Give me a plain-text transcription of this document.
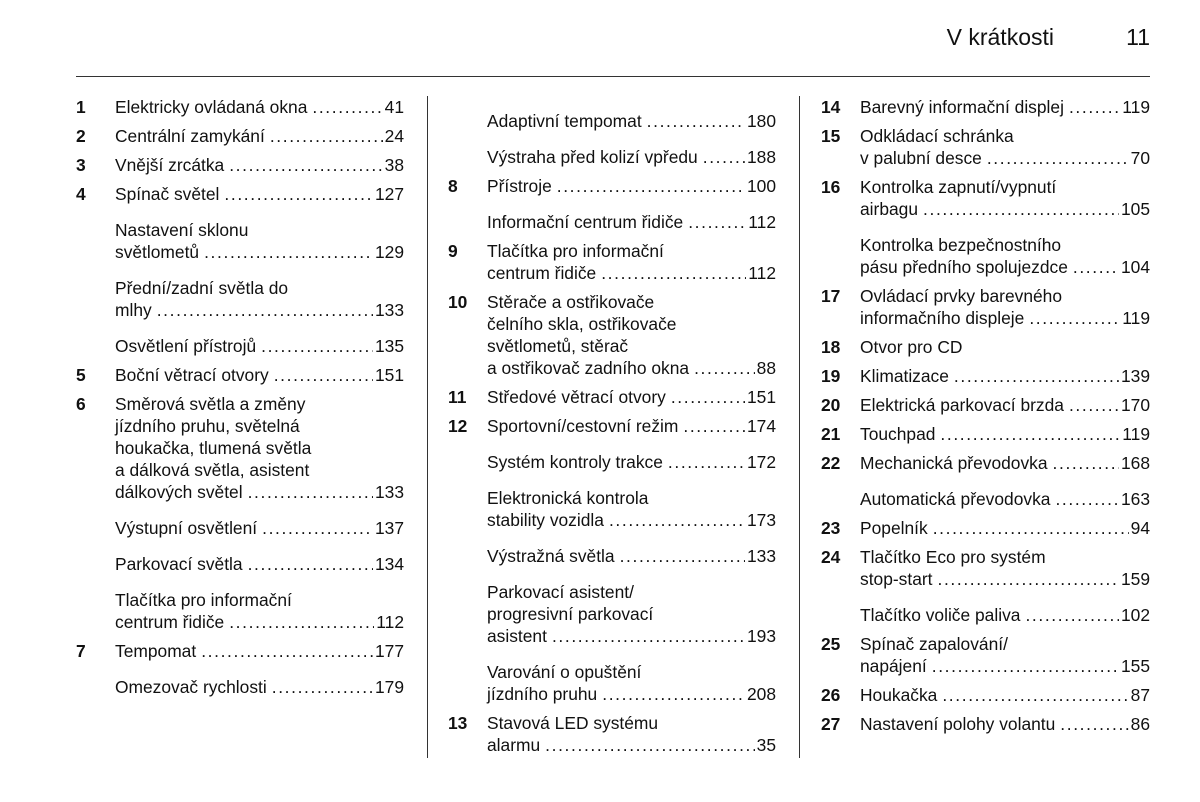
V krátkosti	11
1	Elektricky ovládaná okna . . .	41
2	Centrální zamykání . . .	24
3	Vnější zrcátka . . .	38
4	Spínač světel . . .	127
Nastavení sklonu
světlometů . . .	129
Přední/zadní světla do
mlhy . . .	133
Osvětlení přístrojů . . .	135
5	Boční větrací otvory . . .	151
6	Směrová světla a změny
jízdního pruhu, světelná
houkačka, tlumená světla
a dálková světla, asistent
dálkových světel . . .	133
Výstupní osvětlení . . .	137
Parkovací světla . . .	134
Tlačítka pro informační
centrum řidiče . . .	112
7	Tempomat . . .	177
Omezovač rychlosti . . .	179
Adaptivní tempomat . . .	180
Výstraha před kolizí vpředu . . .	188
8	Přístroje . . .	100
Informační centrum řidiče . . .	112
9	Tlačítka pro informační
centrum řidiče . . .	112
10	Stěrače a ostřikovače
čelního skla, ostřikovače
světlometů, stěrač
a ostřikovač zadního okna . . .	88
11	Středové větrací otvory . . .	151
12	Sportovní/cestovní režim . . .	174
Systém kontroly trakce . . .	172
Elektronická kontrola
stability vozidla . . .	173
Výstražná světla . . .	133
Parkovací asistent/
progresivní parkovací
asistent . . .	193
Varování o opuštění
jízdního pruhu . . .	208
13	Stavová LED systému
alarmu . . .	35
14	Barevný informační displej . . .	119
15	Odkládací schránka
v palubní desce . . .	70
16	Kontrolka zapnutí/vypnutí
airbagu . . .	105
Kontrolka bezpečnostního
pásu předního spolujezdce . . .	104
17	Ovládací prvky barevného
informačního displeje . . .	119
18	Otvor pro CD
19	Klimatizace . . .	139
20	Elektrická parkovací brzda . . .	170
21	Touchpad . . .	119
22	Mechanická převodovka . . .	168
Automatická převodovka . . .	163
23	Popelník . . .	94
24	Tlačítko Eco pro systém
stop-start . . .	159
Tlačítko voliče paliva . . .	102
25	Spínač zapalování/
napájení . . .	155
26	Houkačka . . .	87
27	Nastavení polohy volantu . . .	86
